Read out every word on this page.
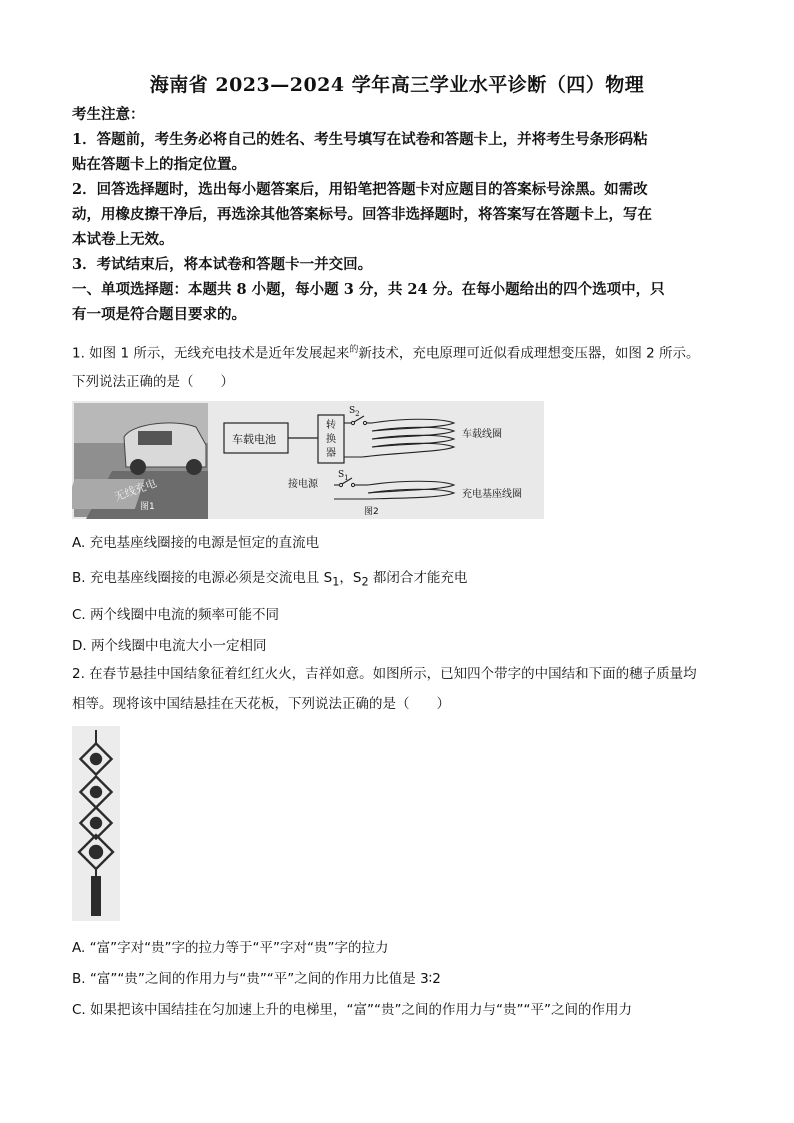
海南省 2023—2024 学年高三学业水平诊断（四）物理
考生注意：
1．答题前，考生务必将自己的姓名、考生号填写在试卷和答题卡上，并将考生号条形码粘
贴在答题卡上的指定位置。
2．回答选择题时，选出每小题答案后，用铅笔把答题卡对应题目的答案标号涂黑。如需改
动，用橡皮擦干净后，再选涂其他答案标号。回答非选择题时，将答案写在答题卡上，写在
本试卷上无效。
3．考试结束后，将本试卷和答题卡一并交回。
一、单项选择题：本题共 8 小题，每小题 3 分，共 24 分。在每小题给出的四个选项中，只
有一项是符合题目要求的。
1. 如图 1 所示，无线充电技术是近年发展起来$^的$新技术，充电原理可近似看成理想变压器，如图 2 所示。
下列说法正确的是（　　）
无线充电
图1
车载电池
转 换 器
$S_2$
车载线圈
接电源
$S_1$
充电基座线圈
图2
A. 充电基座线圈接的电源是恒定的直流电
B. 充电基座线圈接的电源必须是交流电且 $S_1$，$S_2$ 都闭合才能充电
C. 两个线圈中电流的频率可能不同
D. 两个线圈中电流大小一定相同
2. 在春节悬挂中国结象征着红红火火，吉祥如意。如图所示，已知四个带字的中国结和下面的穗子质量均
相等。现将该中国结悬挂在天花板，下列说法正确的是（　　）
A. “富”字对“贵”字的拉力等于“平”字对“贵”字的拉力
B. “富”“贵”之间的作用力与“贵”“平”之间的作用力比值是 3∶2
C. 如果把该中国结挂在匀加速上升的电梯里，“富”“贵”之间的作用力与“贵”“平”之间的作用力
